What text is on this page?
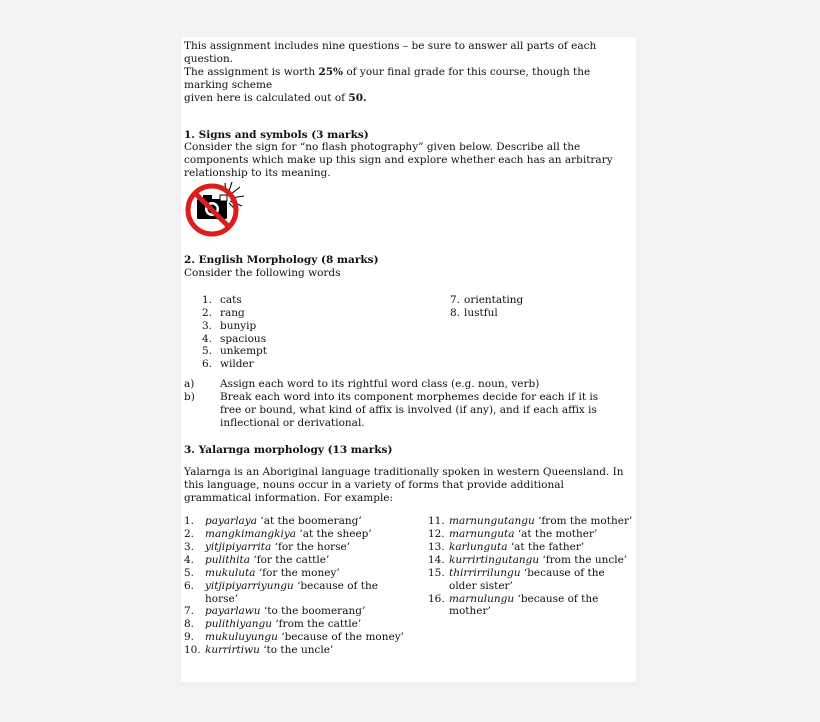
This assignment includes nine questions – be sure to answer all parts of each question.

The assignment is worth 25% of your final grade for this course, though the marking scheme

given here is calculated out of 50.

1. Signs and symbols (3 marks)

Consider the sign for “no flash photography” given below. Describe all the components which make up this sign and explore whether each has an arbitrary relationship to its meaning.

2. English Morphology (8 marks)

Consider the following words

1. cats
2. rang
3. bunyip
4. spacious
5. unkempt
6. wilder
7. orientating
8. lustful
a)	Assign each word to its rightful word class (e.g. noun, verb)
b)	Break each word into its component morphemes decide for each if it is free or bound, what kind of affix is involved (if any), and if each affix is inflectional or derivational.

3. Yalarnga morphology (13 marks)

Yalarnga is an Aboriginal language traditionally spoken in western Queensland. In this language, nouns occur in a variety of forms that provide additional grammatical information. For example:

1.	payarlaya ‘at the boomerang’
2.	mangkimangkiya ‘at the sheep’
3.	yitjipiyarrita ‘for the horse’
4.	pulithita ‘for the cattle’
5.	mukuluta ‘for the money’
6.	yitjipiyarriyungu ‘because of the horse’
7.	payarlawu ‘to the boomerang’
8.	pulithiyangu ‘from the cattle’
9.	mukuluyungu ‘because of the money’
10. kurrirtiwu ‘to the uncle’
11. marnungutangu ‘from the mother’
12. marnunguta ‘at the mother’
13. karlunguta ‘at the father’
14. kurrirtingutangu ‘from the uncle’
15. thirrirrilungu ‘because of the older sister’
16. marnulungu ‘because of the mother’
